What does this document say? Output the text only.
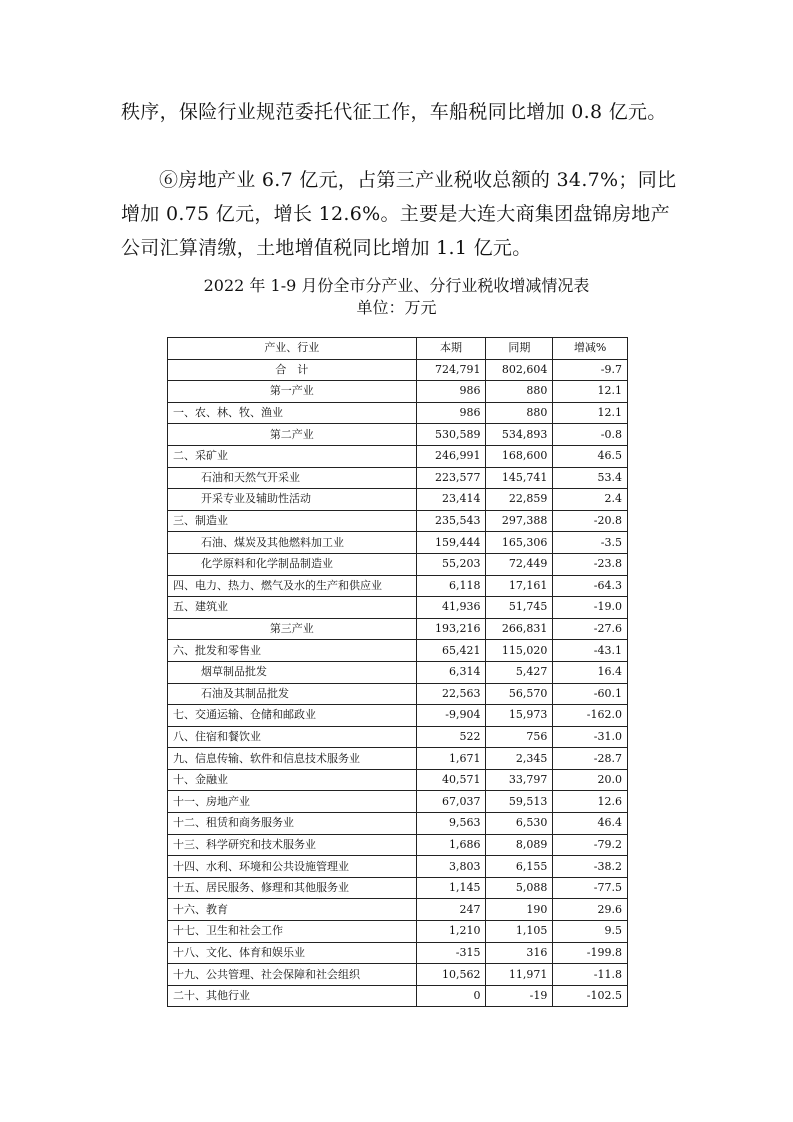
秩序，保险行业规范委托代征工作，车船税同比增加 0.8 亿元。

⑥房地产业 6.7 亿元，占第三产业税收总额的 34.7%；同比增加 0.75 亿元，增长 12.6%。主要是大连大商集团盘锦房地产公司汇算清缴，土地增值税同比增加 1.1 亿元。

2022 年 1-9 月份全市分产业、分行业税收增减情况表
单位：万元
产业、行业	本期	同期	增减%
合　计	724,791	802,604	-9.7
第一产业	986	880	12.1
一、农、林、牧、渔业	986	880	12.1
第二产业	530,589	534,893	-0.8
二、采矿业	246,991	168,600	46.5
石油和天然气开采业	223,577	145,741	53.4
开采专业及辅助性活动	23,414	22,859	2.4
三、制造业	235,543	297,388	-20.8
石油、煤炭及其他燃料加工业	159,444	165,306	-3.5
化学原料和化学制品制造业	55,203	72,449	-23.8
四、电力、热力、燃气及水的生产和供应业	6,118	17,161	-64.3
五、建筑业	41,936	51,745	-19.0
第三产业	193,216	266,831	-27.6
六、批发和零售业	65,421	115,020	-43.1
烟草制品批发	6,314	5,427	16.4
石油及其制品批发	22,563	56,570	-60.1
七、交通运输、仓储和邮政业	-9,904	15,973	-162.0
八、住宿和餐饮业	522	756	-31.0
九、信息传输、软件和信息技术服务业	1,671	2,345	-28.7
十、金融业	40,571	33,797	20.0
十一、房地产业	67,037	59,513	12.6
十二、租赁和商务服务业	9,563	6,530	46.4
十三、科学研究和技术服务业	1,686	8,089	-79.2
十四、水利、环境和公共设施管理业	3,803	6,155	-38.2
十五、居民服务、修理和其他服务业	1,145	5,088	-77.5
十六、教育	247	190	29.6
十七、卫生和社会工作	1,210	1,105	9.5
十八、文化、体育和娱乐业	-315	316	-199.8
十九、公共管理、社会保障和社会组织	10,562	11,971	-11.8
二十、其他行业	0	-19	-102.5
